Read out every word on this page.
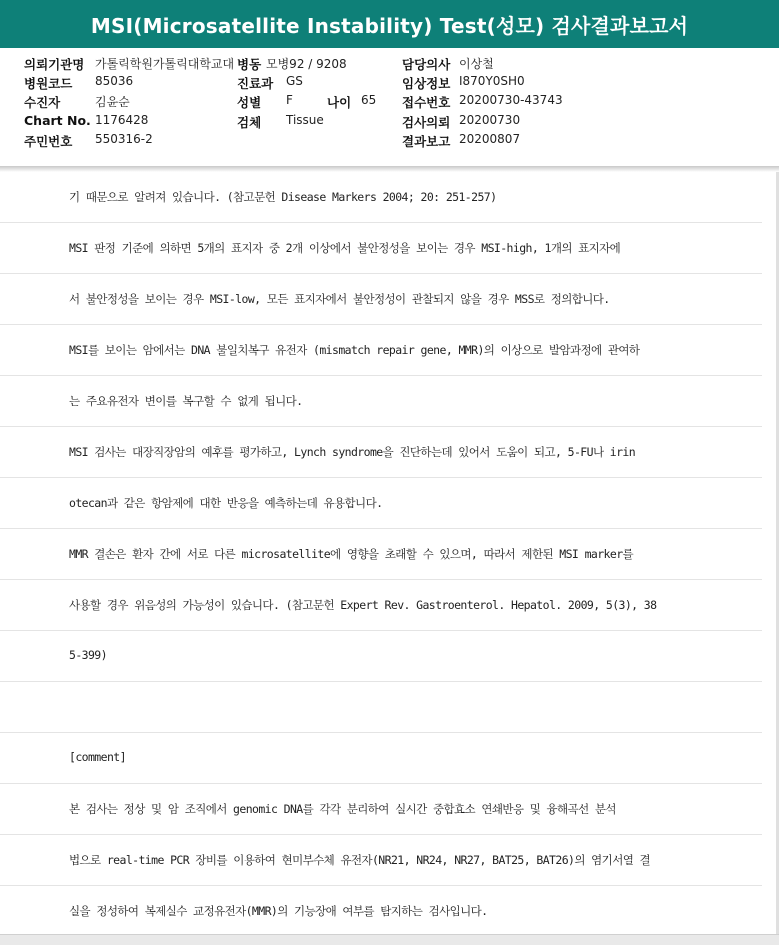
MSI(Microsatellite Instability) Test(성모) 검사결과보고서
의뢰기관명 가톨릭학원가톨릭대학교대 병동 모병92 / 9208	담당의사 이상철
병원코드 85036	진료과 GS	임상정보 I870Y0SH0
수진자	김윤순	성별 F	나이 65 접수번호 20200730-43743
Chart No. 1176428	검체 Tissue	검사의뢰 20200730
주민번호 550316-2	결과보고 20200807
기 때문으로 알려져 있습니다. (참고문헌 Disease Markers 2004; 20: 251-257)
MSI 판정 기준에 의하면 5개의 표지자 중 2개 이상에서 불안정성을 보이는 경우 MSI-high, 1개의 표지자에
서 불안정성을 보이는 경우 MSI-low, 모든 표지자에서 불안정성이 관찰되지 않을 경우 MSS로 정의합니다.
MSI를 보이는 암에서는 DNA 불일치복구 유전자 (mismatch repair gene, MMR)의 이상으로 발암과정에 관여하
는 주요유전자 변이를 복구할 수 없게 됩니다.
MSI 검사는 대장직장암의 예후를 평가하고, Lynch syndrome을 진단하는데 있어서 도움이 되고, 5-FU나 irin
otecan과 같은 항암제에 대한 반응을 예측하는데 유용합니다.
MMR 결손은 환자 간에 서로 다른 microsatellite에 영향을 초래할 수 있으며, 따라서 제한된 MSI marker를
사용할 경우 위음성의 가능성이 있습니다. (참고문헌 Expert Rev. Gastroenterol. Hepatol. 2009, 5(3), 38
5-399)
[comment]
본 검사는 정상 및 암 조직에서 genomic DNA를 각각 분리하여 실시간 중합효소 연쇄반응 및 융해곡선 분석
법으로 real-time PCR 장비를 이용하여 현미부수체 유전자(NR21, NR24, NR27, BAT25, BAT26)의 염기서열 결
실을 정성하여 복제실수 교정유전자(MMR)의 기능장애 여부를 탐지하는 검사입니다.
